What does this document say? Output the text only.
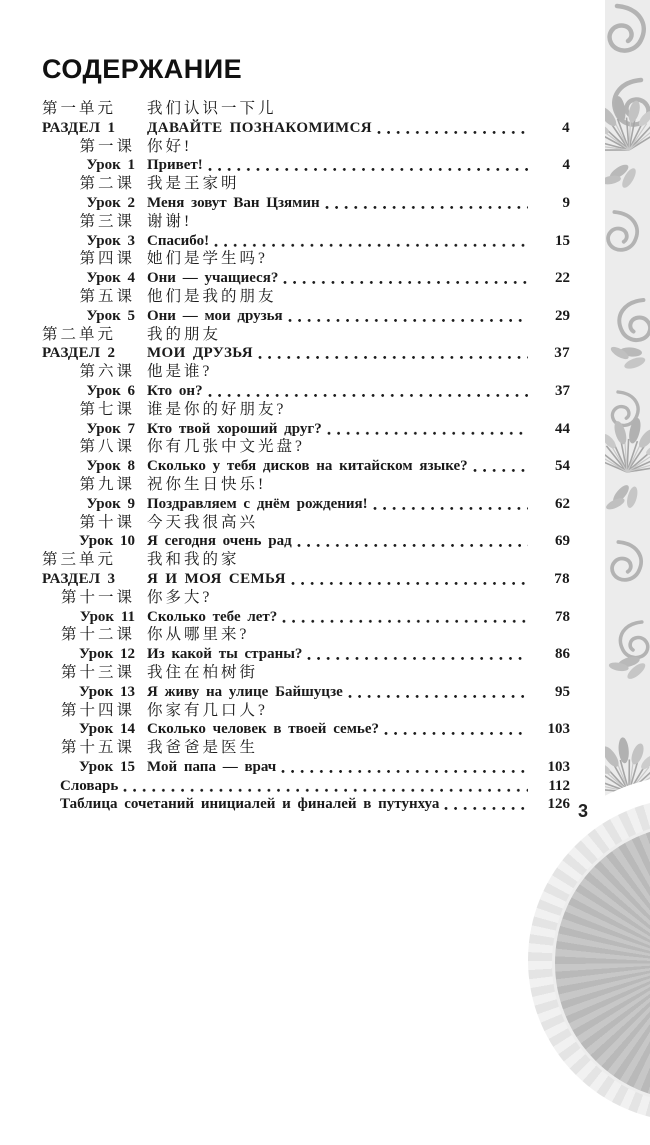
3
СОДЕРЖАНИЕ
第一单元	我们认识一下儿
РАЗДЕЛ 1	ДАВАЙТЕ ПОЗНАКОМИМСЯ	4
第一课 你好!
Урок 1 Привет!	4
第二课 我是王家明
Урок 2 Меня зовут Ван Цзямин	9
第三课 谢谢!
Урок 3 Спасибо!	15
第四课 她们是学生吗?
Урок 4 Они — учащиеся?	22
第五课 他们是我的朋友
Урок 5 Они — мои друзья	29
第二单元	我的朋友
РАЗДЕЛ 2	МОИ ДРУЗЬЯ	37
第六课 他是谁?
Урок 6 Кто он?	37
第七课 谁是你的好朋友?
Урок 7 Кто твой хороший друг?	44
第八课 你有几张中文光盘?
Урок 8 Сколько у тебя дисков на китайском языке?	54
第九课 祝你生日快乐!
Урок 9 Поздравляем с днём рождения!	62
第十课 今天我很高兴
Урок 10 Я сегодня очень рад	69
第三单元	我和我的家
РАЗДЕЛ 3	Я И МОЯ СЕМЬЯ	78
第十一课 你多大?
Урок 11 Сколько тебе лет?	78
第十二课 你从哪里来?
Урок 12 Из какой ты страны?	86
第十三课 我住在柏树街
Урок 13 Я живу на улице Байшуцзе	95
第十四课 你家有几口人?
Урок 14 Сколько человек в твоей семье?	103
第十五课 我爸爸是医生
Урок 15 Мой папа — врач	103
Словарь	112
Таблица сочетаний инициалей и финалей в путунхуа	126
